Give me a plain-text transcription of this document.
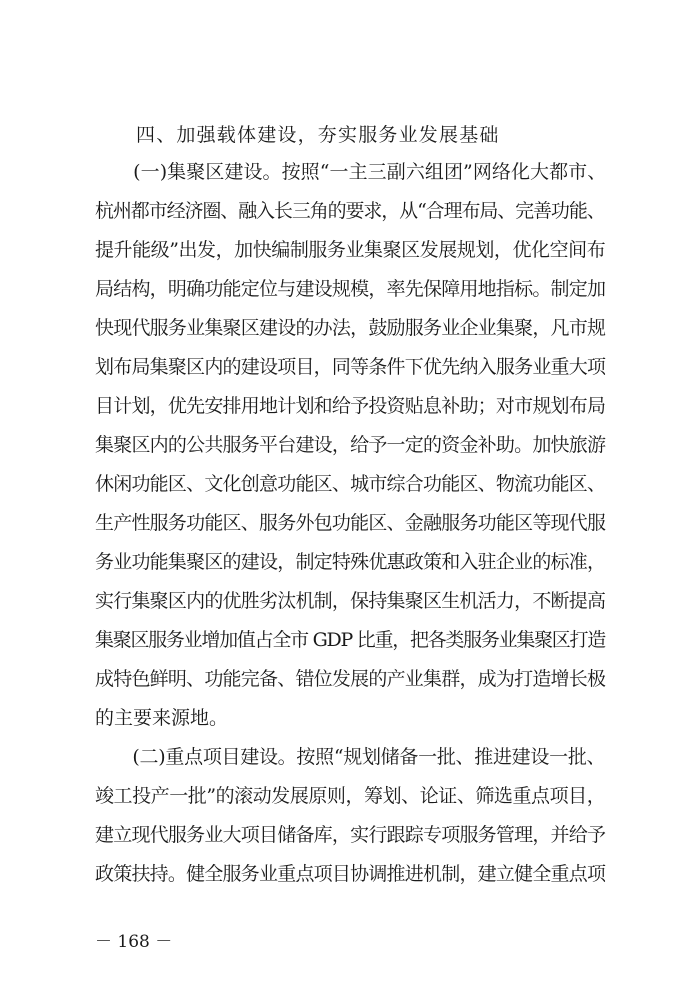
四、加强载体建设，夯实服务业发展基础

　　(一)集聚区建设。按照“一主三副六组团”网络化大都市、

杭州都市经济圈、融入长三角的要求，从“合理布局、完善功能、

提升能级”出发，加快编制服务业集聚区发展规划，优化空间布

局结构，明确功能定位与建设规模，率先保障用地指标。制定加

快现代服务业集聚区建设的办法，鼓励服务业企业集聚，凡市规

划布局集聚区内的建设项目，同等条件下优先纳入服务业重大项

目计划，优先安排用地计划和给予投资贴息补助；对市规划布局

集聚区内的公共服务平台建设，给予一定的资金补助。加快旅游

休闲功能区、文化创意功能区、城市综合功能区、物流功能区、

生产性服务功能区、服务外包功能区、金融服务功能区等现代服

务业功能集聚区的建设，制定特殊优惠政策和入驻企业的标准，

实行集聚区内的优胜劣汰机制，保持集聚区生机活力，不断提高

集聚区服务业增加值占全市 GDP 比重，把各类服务业集聚区打造

成特色鲜明、功能完备、错位发展的产业集群，成为打造增长极

的主要来源地。

　　(二)重点项目建设。按照“规划储备一批、推进建设一批、

竣工投产一批”的滚动发展原则，筹划、论证、筛选重点项目，

建立现代服务业大项目储备库，实行跟踪专项服务管理，并给予

政策扶持。健全服务业重点项目协调推进机制，建立健全重点项

－ 168 －
